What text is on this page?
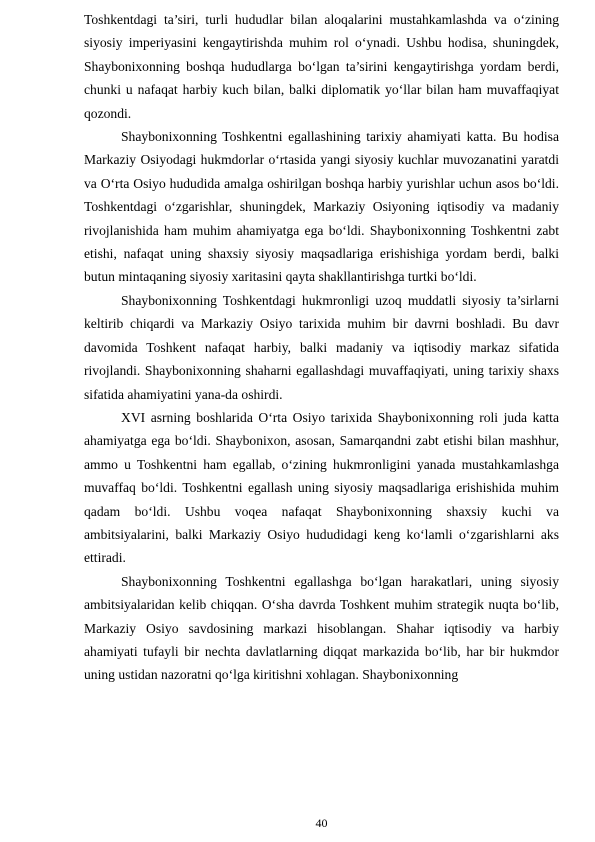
Toshkentdagi ta’siri, turli hududlar bilan aloqalarini mustahkamlashda va o‘zining siyosiy imperiyasini kengaytirishda muhim rol o‘ynadi. Ushbu hodisa, shuningdek, Shaybonixonning boshqa hududlarga bo‘lgan ta’sirini kengaytirishga yordam berdi, chunki u nafaqat harbiy kuch bilan, balki diplomatik yo‘llar bilan ham muvaffaqiyat qozondi.

Shaybonixonning Toshkentni egallashining tarixiy ahamiyati katta. Bu hodisa Markaziy Osiyodagi hukmdorlar o‘rtasida yangi siyosiy kuchlar muvozanatini yaratdi va O‘rta Osiyo hududida amalga oshirilgan boshqa harbiy yurishlar uchun asos bo‘ldi. Toshkentdagi o‘zgarishlar, shuningdek, Markaziy Osiyoning iqtisodiy va madaniy rivojlanishida ham muhim ahamiyatga ega bo‘ldi. Shaybonixonning Toshkentni zabt etishi, nafaqat uning shaxsiy siyosiy maqsadlariga erishishiga yordam berdi, balki butun mintaqaning siyosiy xaritasini qayta shakllantirishga turtki bo‘ldi.

Shaybonixonning Toshkentdagi hukmronligi uzoq muddatli siyosiy ta’sirlarni keltirib chiqardi va Markaziy Osiyo tarixida muhim bir davrni boshladi. Bu davr davomida Toshkent nafaqat harbiy, balki madaniy va iqtisodiy markaz sifatida rivojlandi. Shaybonixonning shaharni egallashdagi muvaffaqiyati, uning tarixiy shaxs sifatida ahamiyatini yana-da oshirdi.

XVI asrning boshlarida O‘rta Osiyo tarixida Shaybonixonning roli juda katta ahamiyatga ega bo‘ldi. Shayboniхon, asosan, Samarqandni zabt etishi bilan mashhur, ammo u Toshkentni ham egallab, o‘zining hukmronligini yanada mustahkamlashga muvaffaq bo‘ldi. Toshkentni egallash uning siyosiy maqsadlariga erishishida muhim qadam bo‘ldi. Ushbu voqea nafaqat Shaybonixonning shaxsiy kuchi va ambitsiyalarini, balki Markaziy Osiyo hududidagi keng ko‘lamli o‘zgarishlarni aks ettiradi.

Shaybonixonning Toshkentni egallashga bo‘lgan harakatlari, uning siyosiy ambitsiyalaridan kelib chiqqan. O‘sha davrda Toshkent muhim strategik nuqta bo‘lib, Markaziy Osiyo savdosining markazi hisoblangan. Shahar iqtisodiy va harbiy ahamiyati tufayli bir nechta davlatlarning diqqat markazida bo‘lib, har bir hukmdor uning ustidan nazoratni qo‘lga kiritishni xohlagan. Shaybonixonning

40
